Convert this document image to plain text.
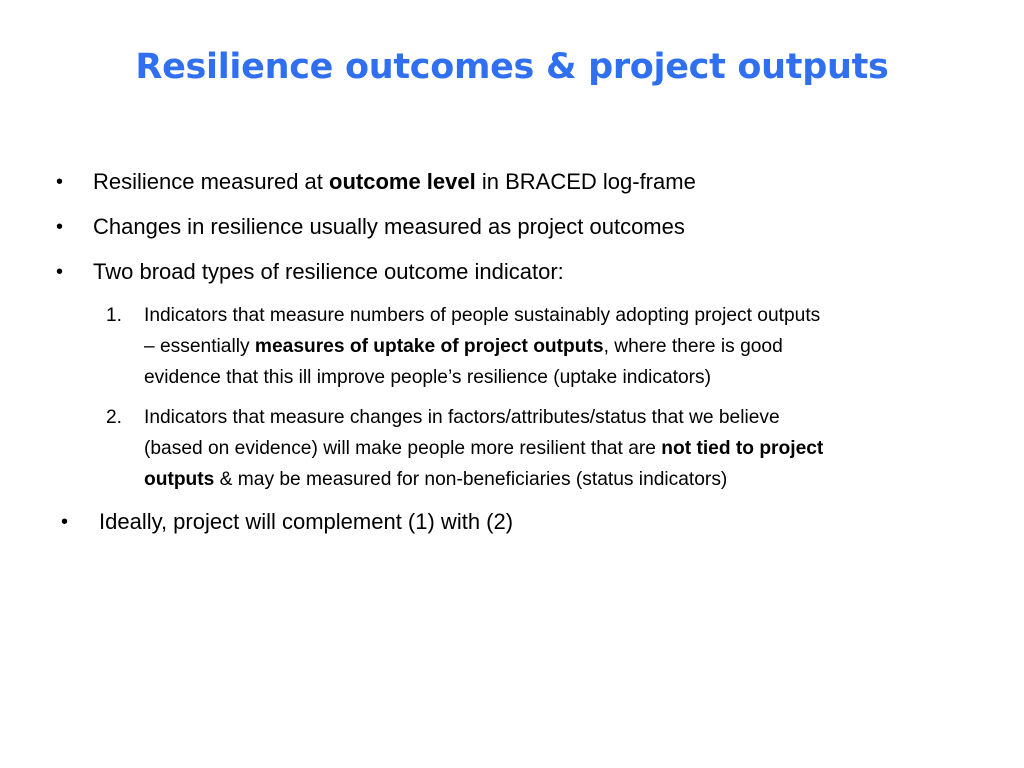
Resilience outcomes & project outputs
• Resilience measured at outcome level in BRACED log-frame
• Changes in resilience usually measured as project outcomes
• Two broad types of resilience outcome indicator:
1. Indicators that measure numbers of people sustainably adopting project outputs
– essentially measures of uptake of project outputs, where there is good
evidence that this ill improve people’s resilience (uptake indicators)
2. Indicators that measure changes in factors/attributes/status that we believe
(based on evidence) will make people more resilient that are not tied to project
outputs & may be measured for non-beneficiaries (status indicators)
• Ideally, project will complement (1) with (2)
